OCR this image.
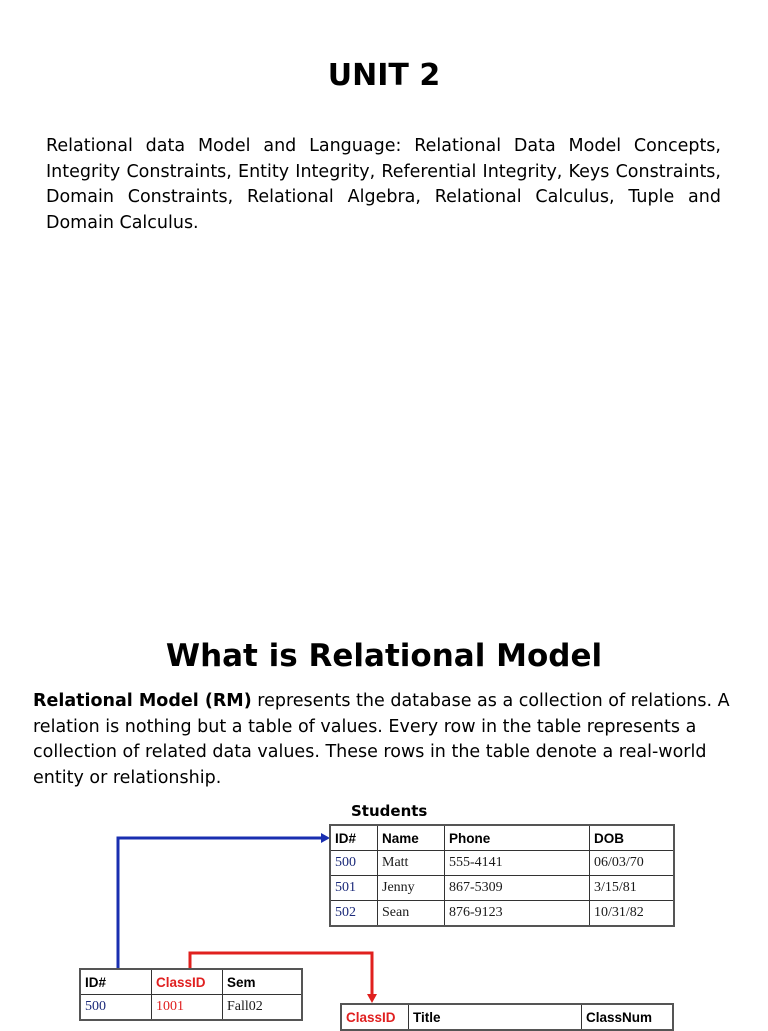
UNIT 2

Relational data Model and Language: Relational Data Model Concepts, Integrity Constraints, Entity Integrity, Referential Integrity, Keys Constraints, Domain Constraints, Relational Algebra, Relational Calculus, Tuple and Domain Calculus.

What is Relational Model

Relational Model (RM) represents the database as a collection of relations. A relation is nothing but a table of values. Every row in the table represents a collection of related data values. These rows in the table denote a real-world entity or relationship.

Students
ID#	Name	Phone	DOB
500	Matt	555-4141	06/03/70
501	Jenny	867-5309	3/15/81
502	Sean	876-9123	10/31/82
ID#	ClassID	Sem
500	1001	Fall02
ClassID	Title	ClassNum
